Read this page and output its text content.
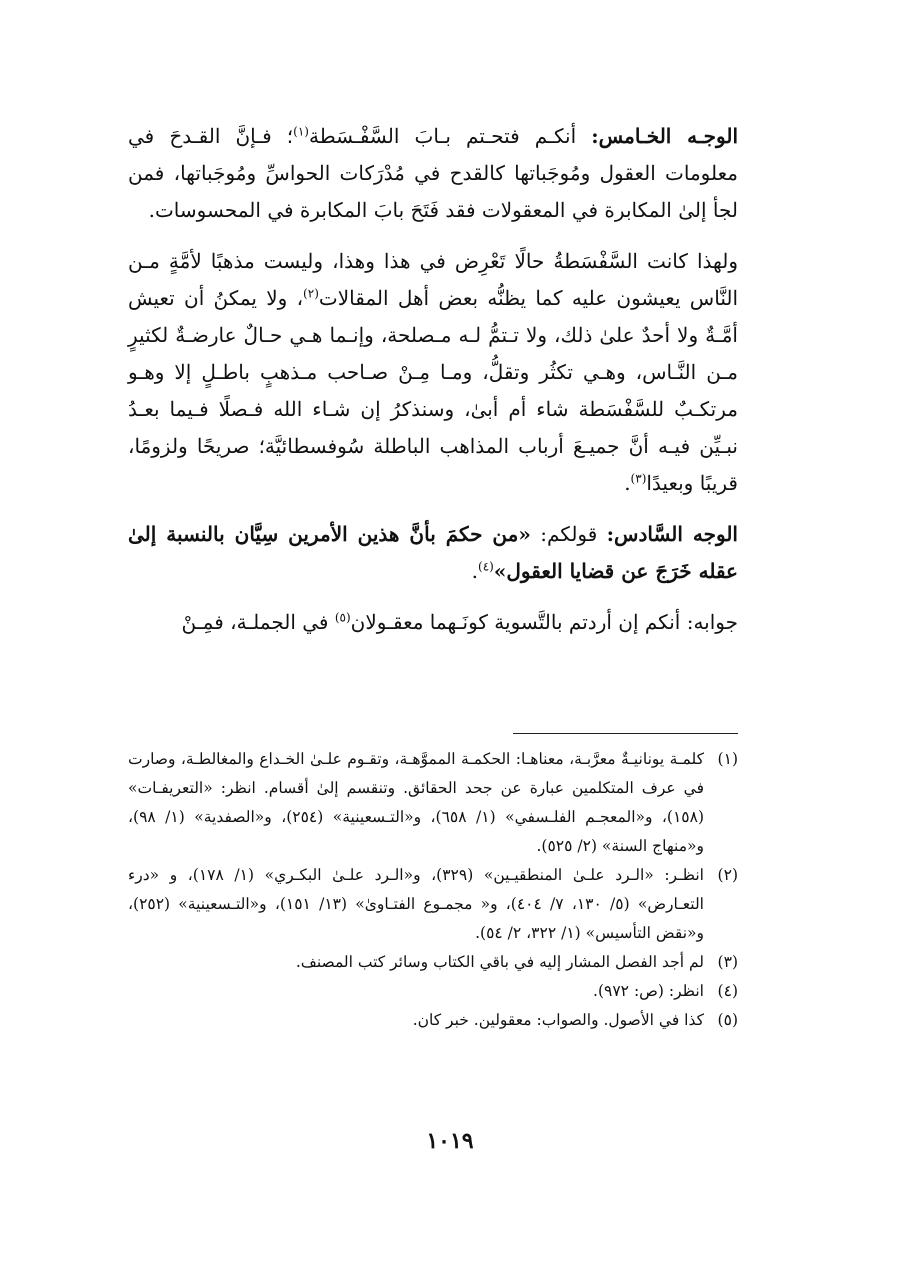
الوجـه الخـامس: أنكـم فتحـتم بـابَ السَّفْـسَطة$^{(١)}$؛ فـإنَّ القـدحَ في معلومات العقول ومُوجَباتها كالقدح في مُدْرَكات الحواسِّ ومُوجَباتها، فمن لجأ إلىٰ المكابرة في المعقولات فقد فَتَحَ بابَ المكابرة في المحسوسات.

ولهذا كانت السَّفْسَطةُ حالًا تَعْرِض في هذا وهذا، وليست مذهبًا لأمَّةٍ مـن النَّاس يعيشون عليه كما يظنُّه بعض أهل المقالات$^{(٢)}$، ولا يمكنُ أن تعيش أمَّـةٌ ولا أحدٌ علىٰ ذلك، ولا تـتمُّ لـه مـصلحة، وإنـما هـي حـالٌ عارضـةٌ لكثيرٍ مـن النَّـاس، وهـي تكثُر وتقلُّ، ومـا مِـنْ صـاحب مـذهبٍ باطـلٍ إلا وهـو مرتكـبٌ للسَّفْسَطة شاء أم أبىٰ، وسنذكرُ إن شـاء الله فـصلًا فـيما بعـدُ نبـيِّن فيـه أنَّ جميـعَ أرباب المذاهب الباطلة سُوفسطائيَّة؛ صريحًا ولزومًا، قريبًا وبعيدًا$^{(٣)}$.

الوجه السَّادس: قولكم: «من حكمَ بأنَّ هذين الأمرين سِيَّان بالنسبة إلىٰ عقله خَرَجَ عن قضايا العقول»$^{(٤)}$.

جوابه: أنكم إن أردتم بالتَّسوية كونَـهما معقـولان$^{(٥)}$ في الجملـة، فمِـنْ

(١)
كلمـة يونانيـةٌ معرَّبـة، معناهـا: الحكمـة المموَّهـة، وتقـوم علـىٰ الخـداع والمغالطـة، وصارت في عرف المتكلمين عبارة عن جحد الحقائق. وتنقسم إلىٰ أقسام. انظر: «التعريفـات» (١٥٨)، و«المعجـم الفلـسفي» (١/ ٦٥٨)، و«التـسعينية» (٢٥٤)، و«الصفدية» (١/ ٩٨)، و«منهاج السنة» (٢/ ٥٢٥).
(٢)
انظـر: «الـرد علـىٰ المنطقيـين» (٣٢٩)، و«الـرد علـىٰ البكـري» (١/ ١٧٨)، و «درء التعـارض» (٥/ ١٣٠، ٧/ ٤٠٤)، و« مجمـوع الفتـاوىٰ» (١٣/ ١٥١)، و«التـسعينية» (٢٥٢)، و«نقض التأسيس» (١/ ٣٢٢، ٢/ ٥٤).
(٣)
لم أجد الفصل المشار إليه في باقي الكتاب وسائر كتب المصنف.
(٤)
انظر: (ص: ٩٧٢).
(٥)
كذا في الأصول. والصواب: معقولين. خبر كان.
١٠١٩
